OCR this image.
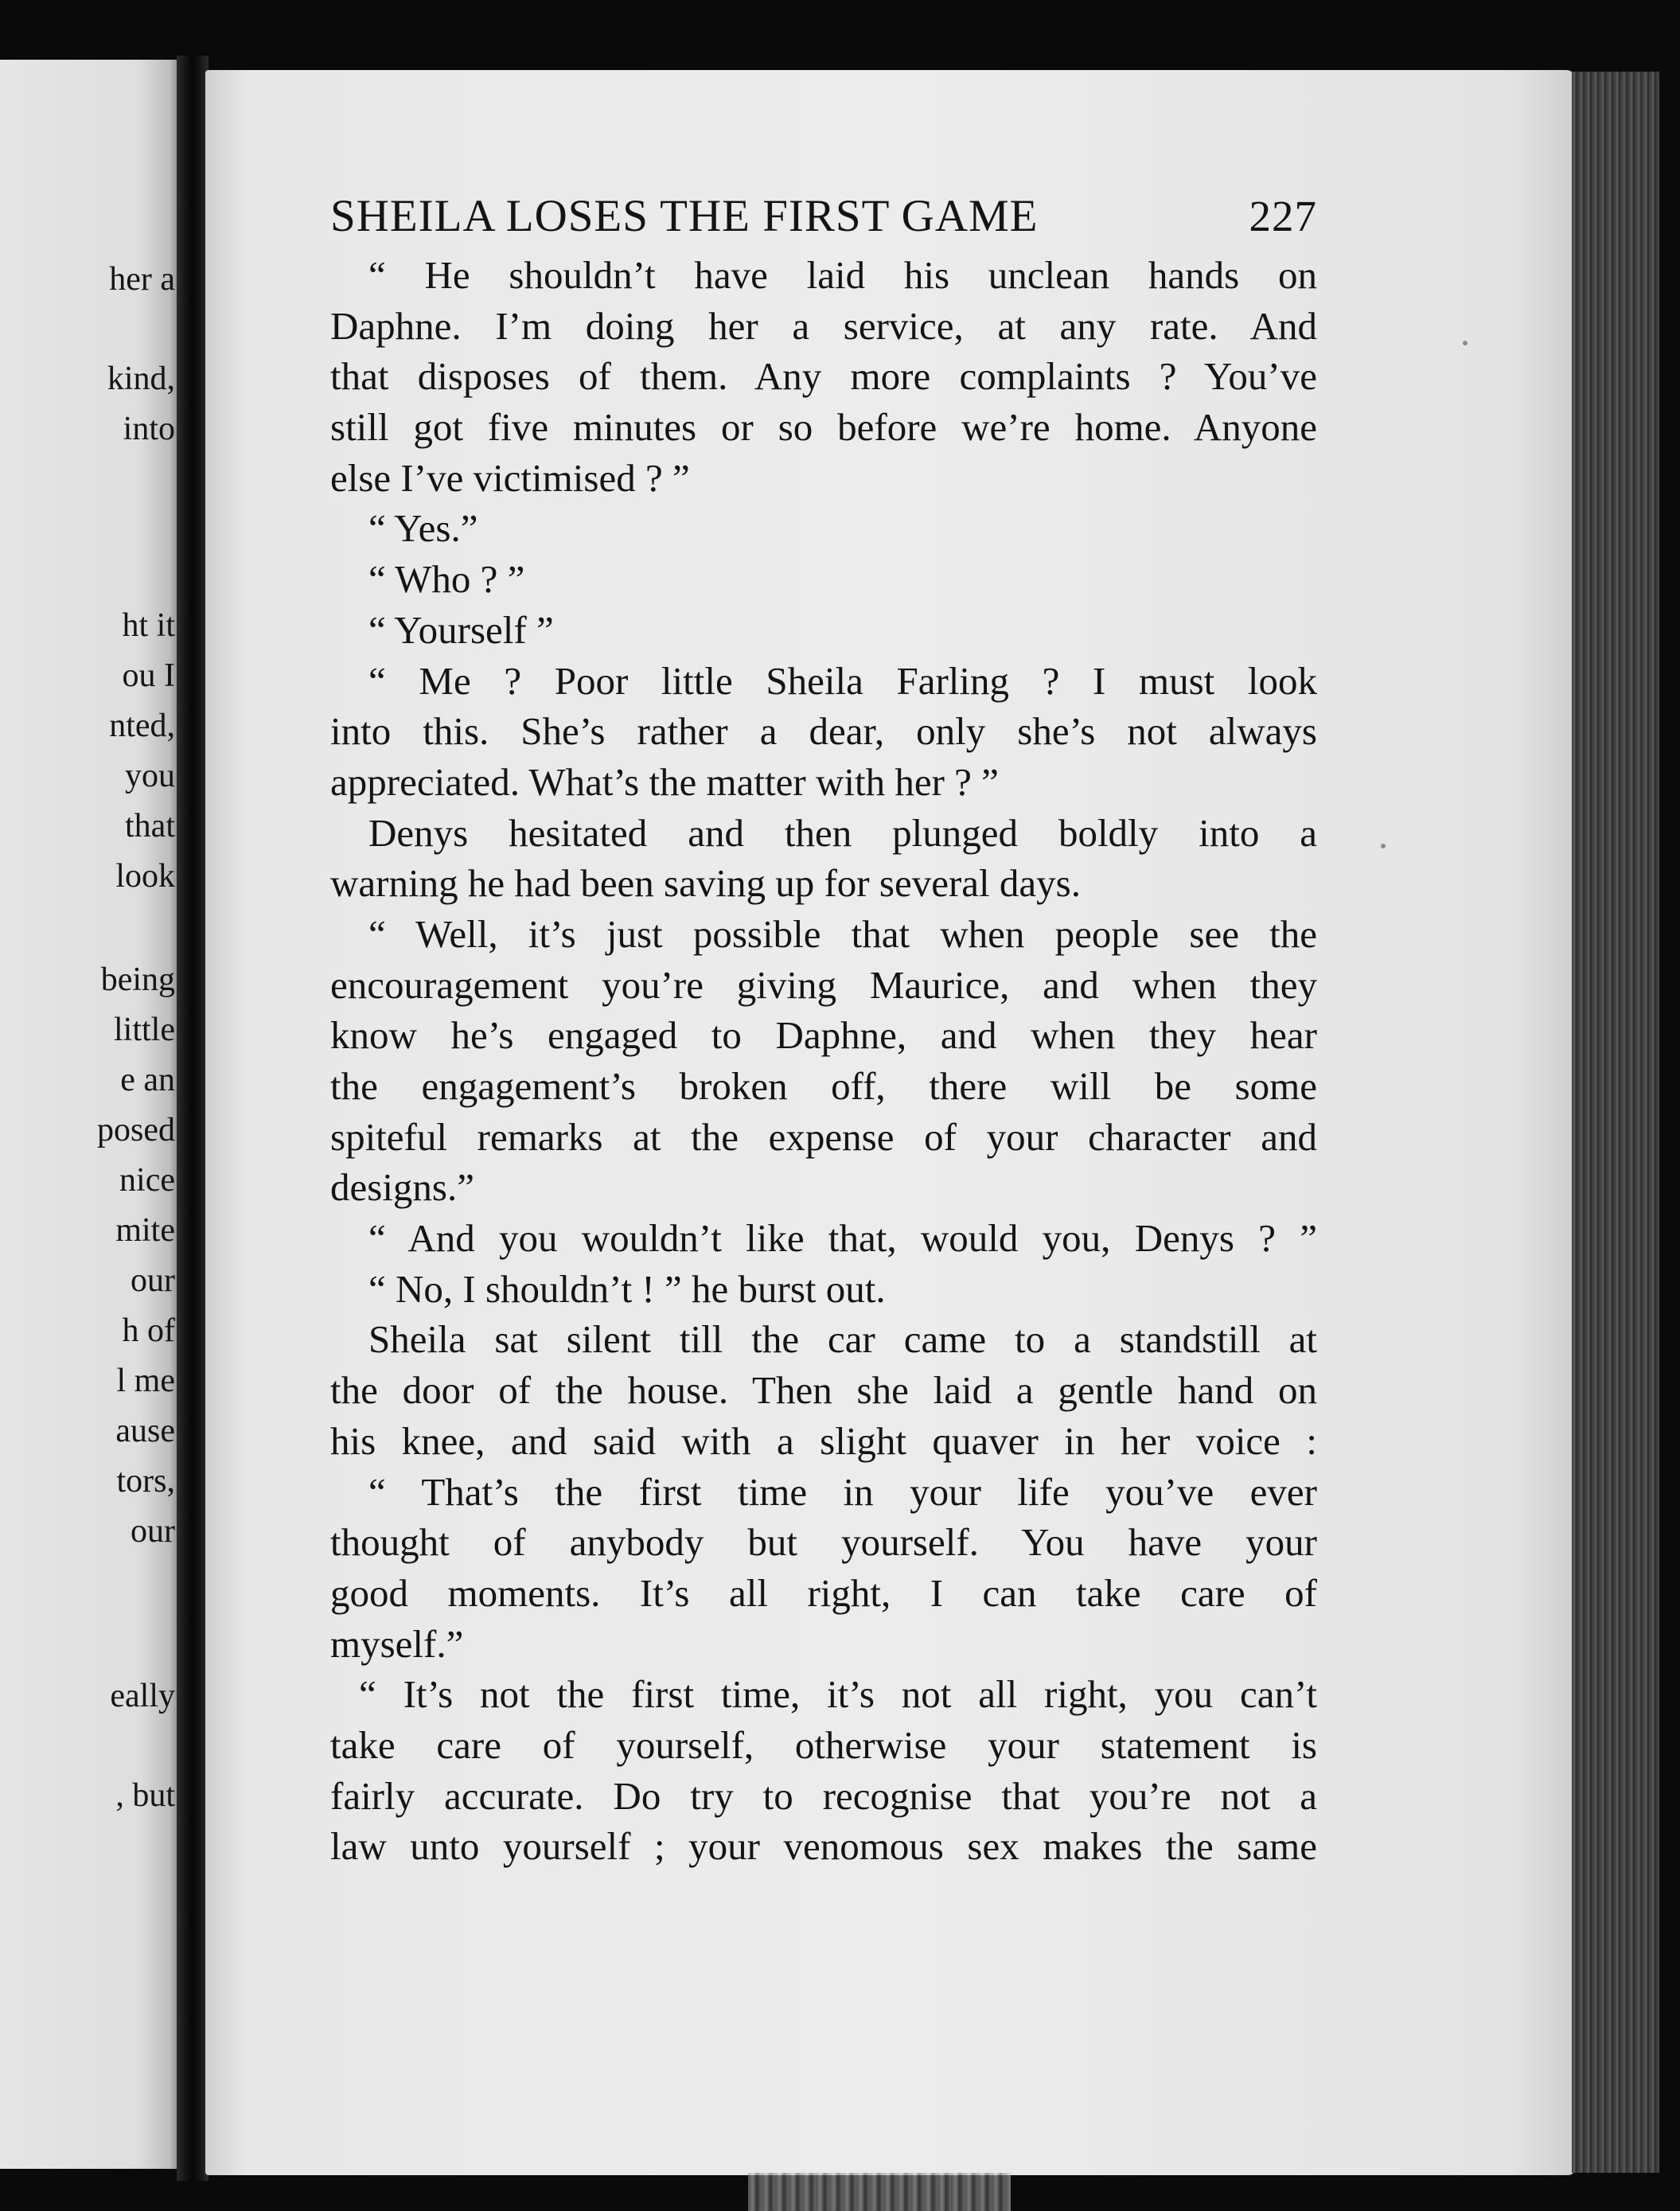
her a
kind,
into
ht it
ou I
nted,
you
that
look
being
little
e an
posed
nice
mite
our
h of
l me
ause
tors,
our
eally
, but
SHEILA LOSES THE FIRST GAME	227
“ He shouldn’t have laid his unclean hands on
Daphne. I’m doing her a service, at any rate. And
that disposes of them. Any more complaints ? You’ve
still got five minutes or so before we’re home. Anyone
else I’ve victimised ? ”
“ Yes.”
“ Who ? ”
“ Yourself ”
“ Me ? Poor little Sheila Farling ? I must look
into this. She’s rather a dear, only she’s not always
appreciated. What’s the matter with her ? ”
Denys hesitated and then plunged boldly into a
warning he had been saving up for several days.
“ Well, it’s just possible that when people see the
encouragement you’re giving Maurice, and when they
know he’s engaged to Daphne, and when they hear
the engagement’s broken off, there will be some
spiteful remarks at the expense of your character and
designs.”
“ And you wouldn’t like that, would you, Denys ? ”
“ No, I shouldn’t ! ” he burst out.
Sheila sat silent till the car came to a standstill at
the door of the house. Then she laid a gentle hand on
his knee, and said with a slight quaver in her voice :
“ That’s the first time in your life you’ve ever
thought of anybody but yourself. You have your
good moments. It’s all right, I can take care of
myself.”
“ It’s not the first time, it’s not all right, you can’t
take care of yourself, otherwise your statement is
fairly accurate. Do try to recognise that you’re not a
law unto yourself ; your venomous sex makes the same
